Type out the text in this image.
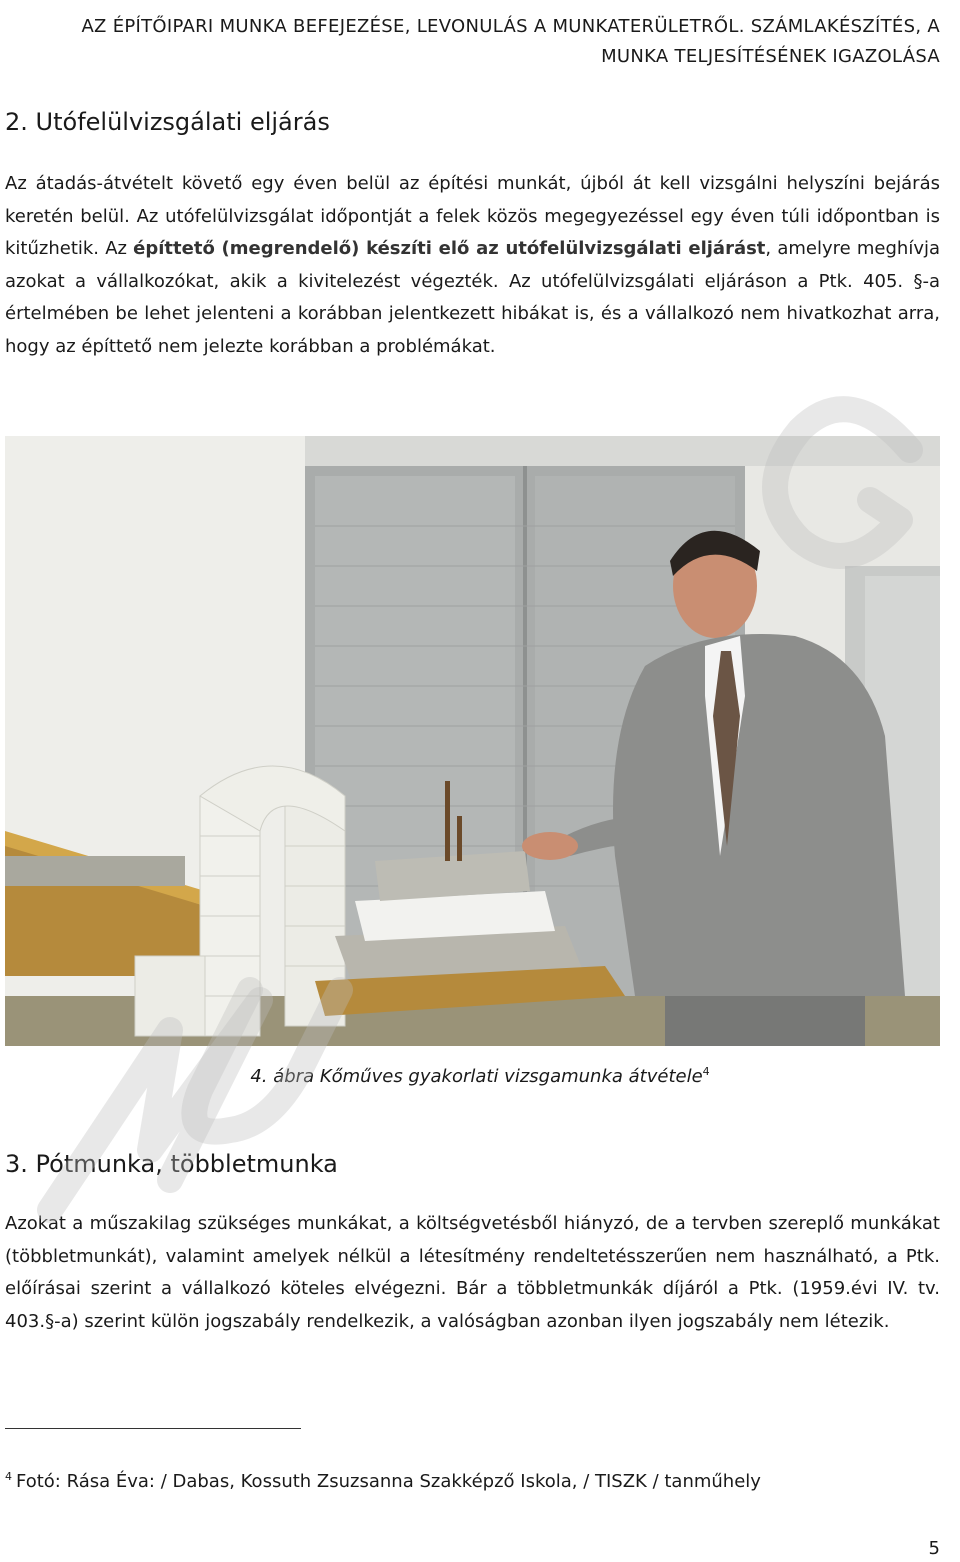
AZ ÉPÍTŐIPARI MUNKA BEFEJEZÉSE, LEVONULÁS A MUNKATERÜLETRŐL. SZÁMLAKÉSZÍTÉS, A
MUNKA TELJESÍTÉSÉNEK IGAZOLÁSA
2. Utófelülvizsgálati eljárás
Az átadás-átvételt követő egy éven belül az építési munkát, újból át kell vizsgálni helyszíni bejárás keretén belül. Az utófelülvizsgálat időpontját a felek közös megegyezéssel egy éven túli időpontban is kitűzhetik. Az építtető (megrendelő) készíti elő az utófelülvizsgálati eljárást, amelyre meghívja azokat a vállalkozókat, akik a kivitelezést végezték. Az utófelülvizsgálati eljáráson a Ptk. 405. §-a értelmében be lehet jelenteni a korábban jelentkezett hibákat is, és a vállalkozó nem hivatkozhat arra, hogy az építtető nem jelezte korábban a problémákat.
4. ábra Kőműves gyakorlati vizsgamunka átvétele$^4$
3. Pótmunka, többletmunka
Azokat a műszakilag szükséges munkákat, a költségvetésből hiányzó, de a tervben szereplő munkákat (többletmunkát), valamint amelyek nélkül a létesítmény rendeltetésszerűen nem használható, a Ptk. előírásai szerint a vállalkozó köteles elvégezni. Bár a többletmunkák díjáról a Ptk. (1959.évi IV. tv. 403.§-a) szerint külön jogszabály rendelkezik, a valóságban azonban ilyen jogszabály nem létezik.
$^4$ Fotó: Rása Éva: / Dabas, Kossuth Zsuzsanna Szakképző Iskola, / TISZK / tanműhely
5
